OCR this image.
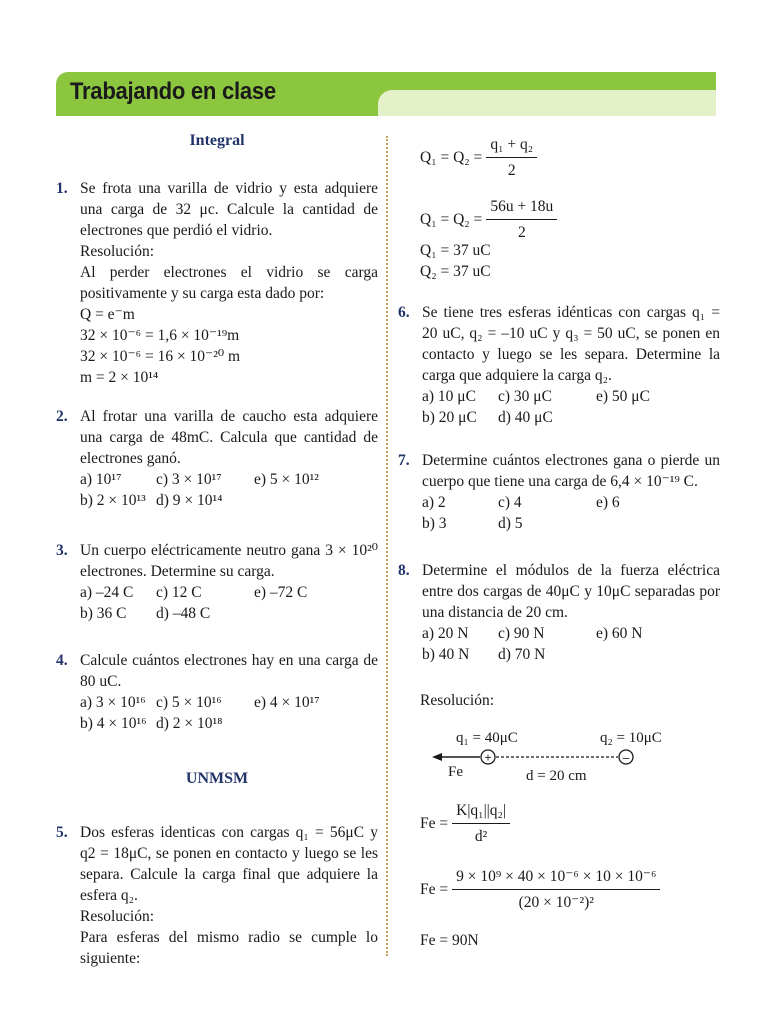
Trabajando en clase
Integral
1. Se frota una varilla de vidrio y esta adquiere una carga de 32 μc. Calcule la cantidad de electrones que perdió el vidrio.
Resolución:
Al perder electrones el vidrio se carga positivamente y su carga esta dado por:
Q = e⁻m
32 × 10⁻⁶ = 1,6 × 10⁻¹⁹m
32 × 10⁻⁶ = 16 × 10⁻²⁰ m
m = 2 × 10¹⁴
2. Al frotar una varilla de caucho esta adquiere una carga de 48mC. Calcula que cantidad de electrones ganó.
a) 10¹⁷	c) 3 × 10¹⁷	e) 5 × 10¹²
b) 2 × 10¹³ d) 9 × 10¹⁴
3. Un cuerpo eléctricamente neutro gana 3 × 10²⁰ electrones. Determine su carga.
a) –24 C	c) 12 C	e) –72 C
b) 36 C	d) –48 C
4. Calcule cuántos electrones hay en una carga de 80 uC.
a) 3 × 10¹⁶ c) 5 × 10¹⁶	e) 4 × 10¹⁷
b) 4 × 10¹⁶ d) 2 × 10¹⁸
UNMSM
5. Dos esferas identicas con cargas q₁ = 56μC y q2 = 18μC, se ponen en contacto y luego se les separa. Calcule la carga final que adquiere la esfera q₂.
Resolución:
Para esferas del mismo radio se cumple lo siguiente:
$Q_1 = Q_2 = \frac{\text{q₁ + q₂}}{2}$
$Q_1 = Q_2 = \frac{56u + 18u}{2}$
Q₁ = 37 uC
Q₂ = 37 uC
6. Se tiene tres esferas idénticas con cargas q₁ = 20 uC, q₂ = –10 uC y q₃ = 50 uC, se ponen en contacto y luego se les separa. Determine la carga que adquiere la carga q₂.
a) 10 μC	c) 30 μC	e) 50 μC
b) 20 μC	d) 40 μC
7. Determine cuántos electrones gana o pierde un cuerpo que tiene una carga de 6,4 × 10⁻¹⁹ C.
a) 2	c) 4	e) 6
b) 3	d) 5
8. Determine el módulos de la fuerza eléctrica entre dos cargas de 40μC y 10μC separadas por una distancia de 20 cm.
a) 20 N	c) 90 N	e) 60 N
b) 40 N	d) 70 N
Resolución:
q₁ = 40μC	q₂ = 10μC
+	–
Fe	d = 20 cm
$Fe = \frac{\text{K|q₁||q₂|}}{\text{d²}}$
$Fe = \frac{\text{9 × 10⁹ × 40 × 10⁻⁶ × 10 × 10⁻⁶}}{\text{(20 × 10⁻²)²}}$
Fe = 90N
